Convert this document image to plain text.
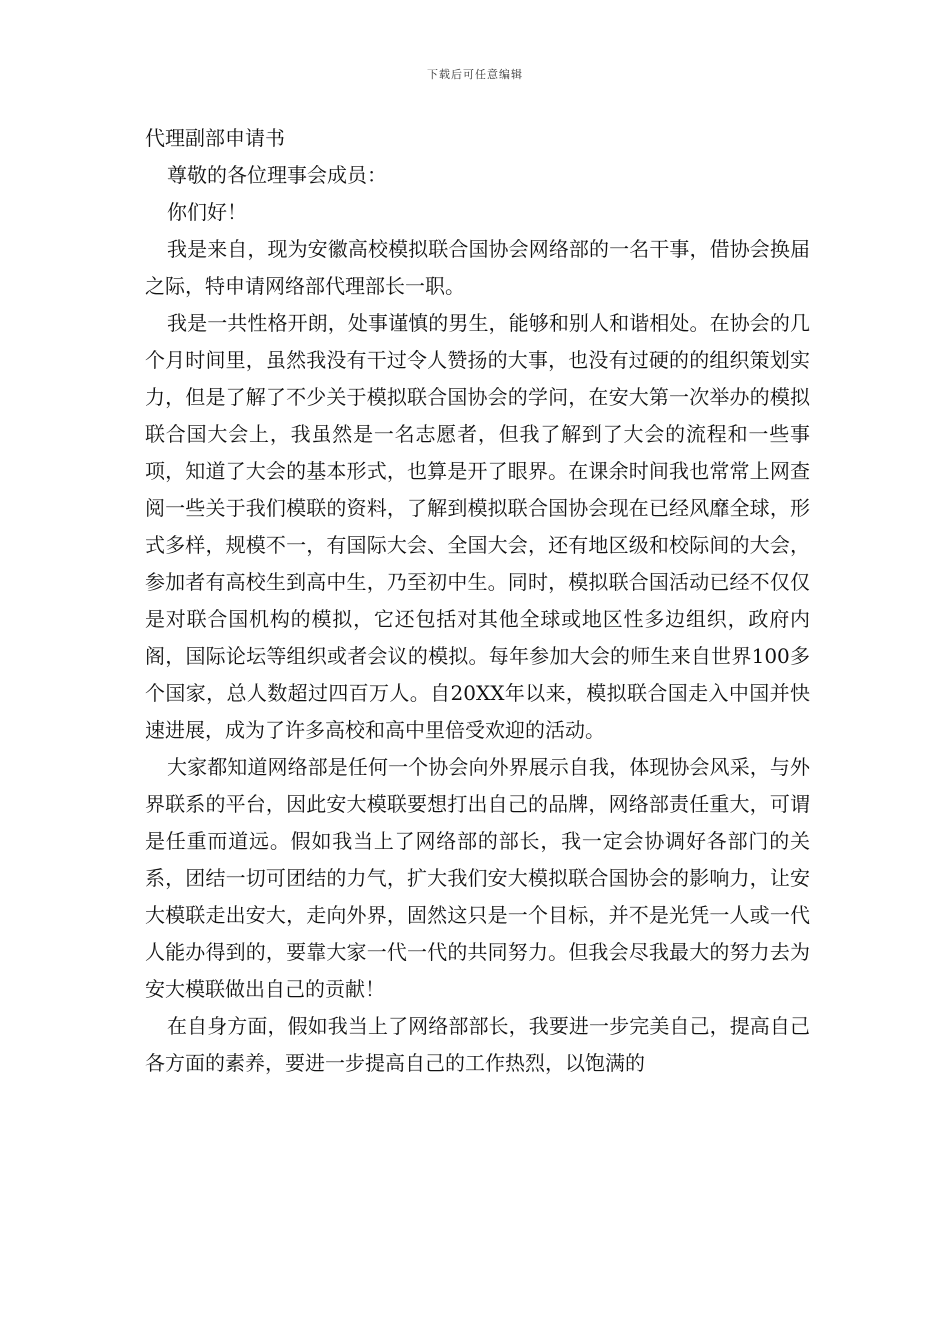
下载后可任意编辑

代理副部申请书

尊敬的各位理事会成员：

你们好！

我是来自，现为安徽高校模拟联合国协会网络部的一名干事，借协会换届之际，特申请网络部代理部长一职。

我是一共性格开朗，处事谨慎的男生，能够和别人和谐相处。在协会的几个月时间里，虽然我没有干过令人赞扬的大事，也没有过硬的的组织策划实力，但是了解了不少关于模拟联合国协会的学问，在安大第一次举办的模拟联合国大会上，我虽然是一名志愿者，但我了解到了大会的流程和一些事项，知道了大会的基本形式，也算是开了眼界。在课余时间我也常常上网查阅一些关于我们模联的资料，了解到模拟联合国协会现在已经风靡全球，形式多样，规模不一，有国际大会、全国大会，还有地区级和校际间的大会，参加者有高校生到高中生，乃至初中生。同时，模拟联合国活动已经不仅仅是对联合国机构的模拟，它还包括对其他全球或地区性多边组织，政府内阁，国际论坛等组织或者会议的模拟。每年参加大会的师生来自世界100多个国家，总人数超过四百万人。自20XX年以来，模拟联合国走入中国并快速进展，成为了许多高校和高中里倍受欢迎的活动。

大家都知道网络部是任何一个协会向外界展示自我，体现协会风采，与外界联系的平台，因此安大模联要想打出自己的品牌，网络部责任重大，可谓是任重而道远。假如我当上了网络部的部长，我一定会协调好各部门的关系，团结一切可团结的力气，扩大我们安大模拟联合国协会的影响力，让安大模联走出安大，走向外界，固然这只是一个目标，并不是光凭一人或一代人能办得到的，要靠大家一代一代的共同努力。但我会尽我最大的努力去为安大模联做出自己的贡献！

在自身方面，假如我当上了网络部部长，我要进一步完美自己，提高自己各方面的素养，要进一步提高自己的工作热烈，以饱满的
